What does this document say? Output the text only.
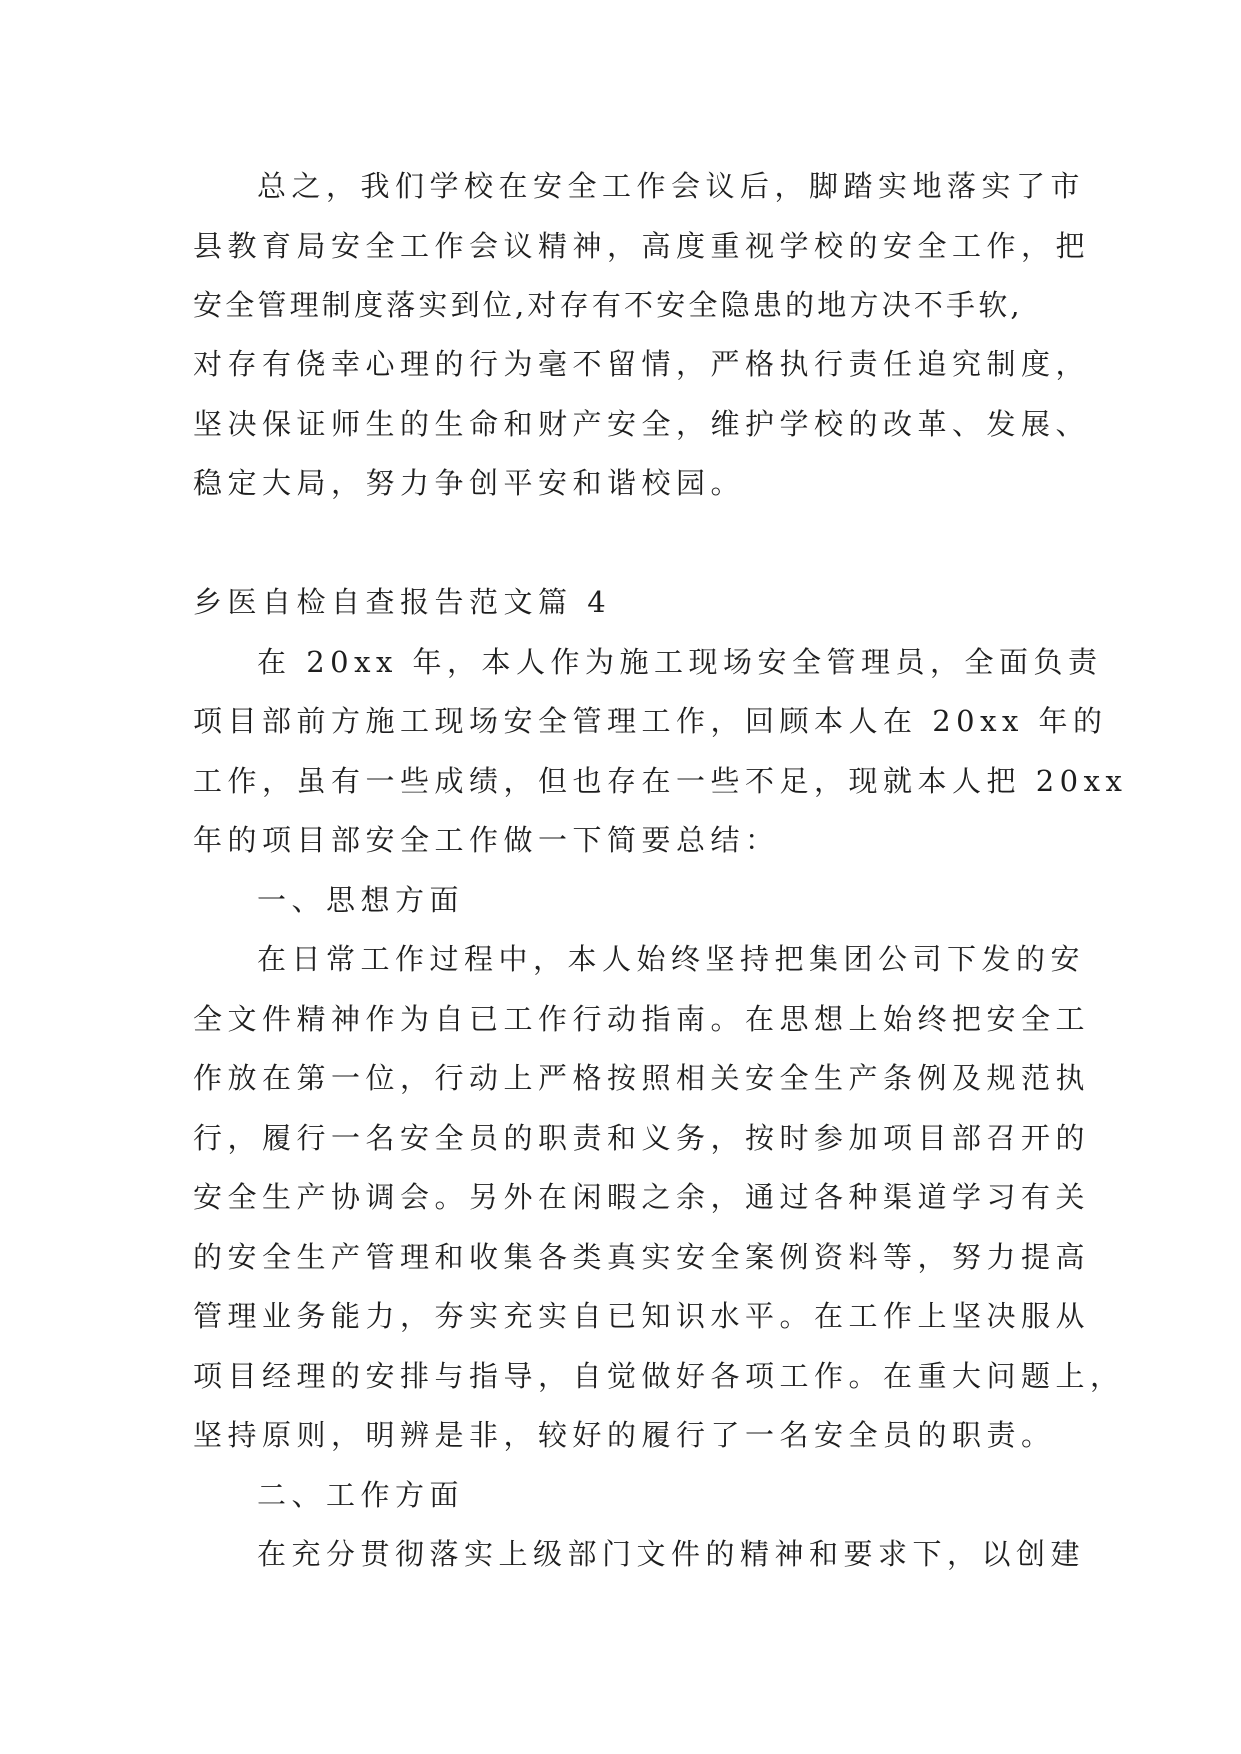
总之，我们学校在安全工作会议后，脚踏实地落实了市
县教育局安全工作会议精神，高度重视学校的安全工作，把
安全管理制度落实到位,对存有不安全隐患的地方决不手软,
对存有侥幸心理的行为毫不留情，严格执行责任追究制度，
坚决保证师生的生命和财产安全，维护学校的改革、发展、
稳定大局，努力争创平安和谐校园。
乡医自检自查报告范文篇 4
在 20xx 年，本人作为施工现场安全管理员，全面负责
项目部前方施工现场安全管理工作，回顾本人在 20xx 年的
工作，虽有一些成绩，但也存在一些不足，现就本人把 20xx
年的项目部安全工作做一下简要总结：
一、思想方面
在日常工作过程中，本人始终坚持把集团公司下发的安
全文件精神作为自已工作行动指南。在思想上始终把安全工
作放在第一位，行动上严格按照相关安全生产条例及规范执
行，履行一名安全员的职责和义务，按时参加项目部召开的
安全生产协调会。另外在闲暇之余，通过各种渠道学习有关
的安全生产管理和收集各类真实安全案例资料等，努力提高
管理业务能力，夯实充实自已知识水平。在工作上坚决服从
项目经理的安排与指导，自觉做好各项工作。在重大问题上，
坚持原则，明辨是非，较好的履行了一名安全员的职责。
二、工作方面
在充分贯彻落实上级部门文件的精神和要求下，以创建
